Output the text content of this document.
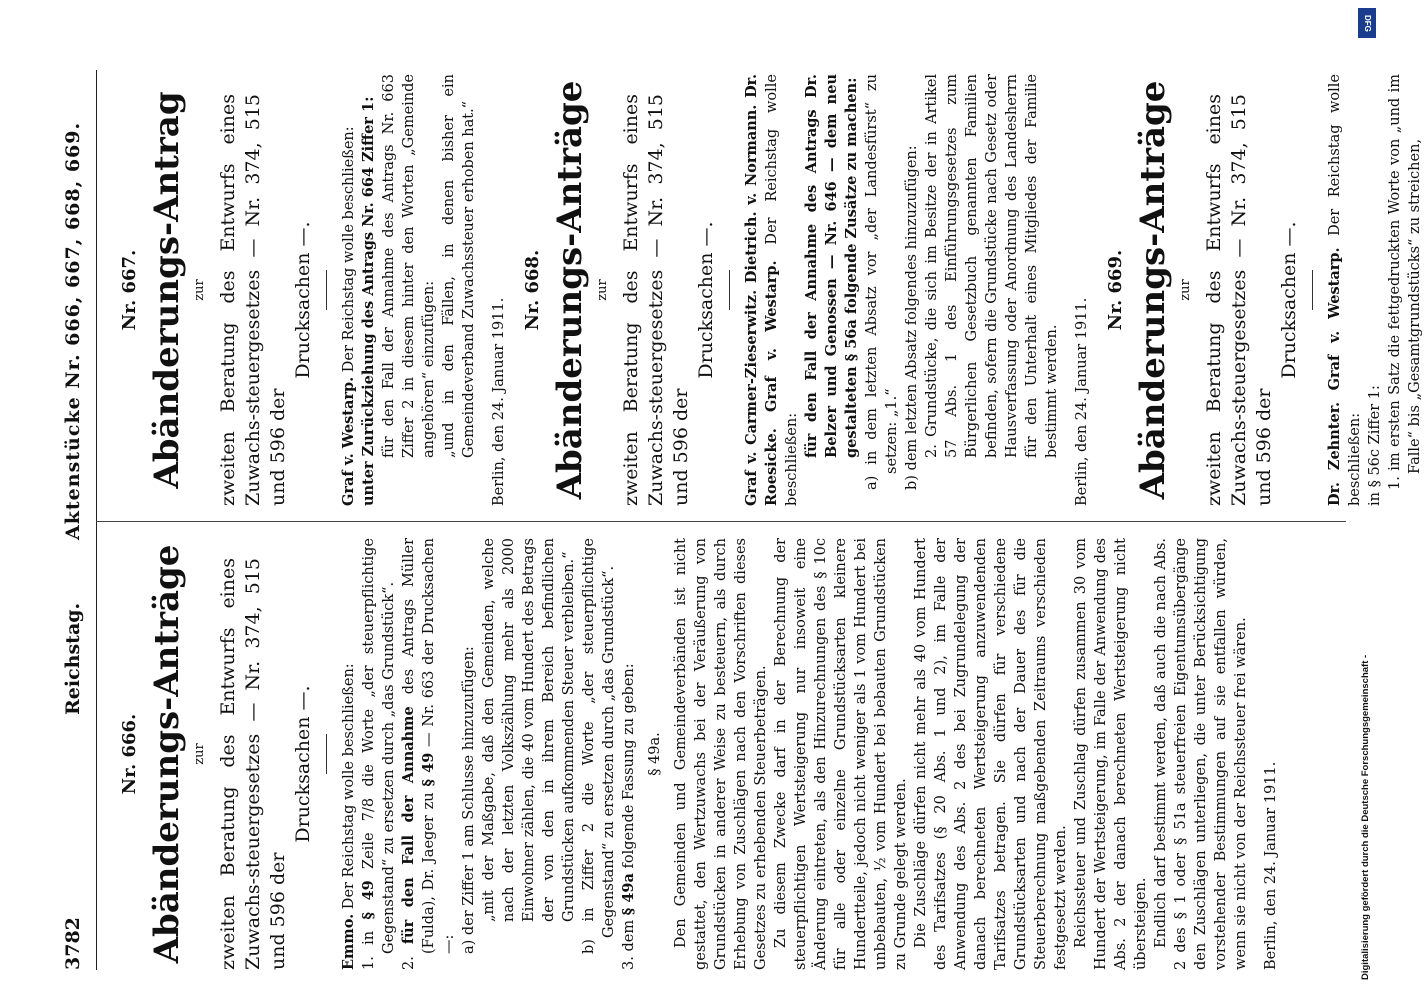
3782
Reichstag.
Aktenstücke Nr. 666, 667, 668, 669.
Nr. 666. Abänderungs-Anträge zur zweiten Beratung des Entwurfs eines Zuwachs-steuergesetzes — Nr. 374, 515 und 596 der
Drucksachen —.

Emmo. Der Reichstag wolle beschließen:

1. in § 49 Zeile 7/8 die Worte „der steuerpflichtige Gegenstand“ zu ersetzen durch „das Grundstück“.

2. für den Fall der Annahme des Antrags Müller (Fulda), Dr. Jaeger zu § 49 — Nr. 663 der Drucksachen —: a) der Ziffer 1 am Schlusse hinzuzufügen: „mit der Maßgabe, daß den Gemeinden, welche nach der letzten Volkszählung mehr als 2000 Einwohner zählen, die 40 vom Hundert des Betrags der von den in ihrem Bereich befindlichen Grundstücken aufkommenden Steuer verbleiben.“

b) in Ziffer 2 die Worte „der steuerpflichtige Gegenstand“ zu ersetzen durch „das Grundstück“.

3. dem § 49a folgende Fassung zu geben: § 49a. Den Gemeinden und Gemeindeverbänden ist nicht gestattet, den Wertzuwachs bei der Veräußerung von Grundstücken in anderer Weise zu besteuern, als durch Erhebung von Zuschlägen nach den Vorschriften dieses Gesetzes zu erhebenden Steuerbeträgen. Zu diesem Zwecke darf in der Berechnung der steuerpflichtigen Wertsteigerung nur insoweit eine Änderung eintreten, als den Hinzurechnungen des § 10c für alle oder einzelne Grundstücksarten kleinere Hundertteile, jedoch nicht weniger als 1 vom Hundert bei unbebauten, ½ vom Hundert bei bebauten Grundstücken zu Grunde gelegt werden. Die Zuschläge dürfen nicht mehr als 40 vom Hundert des Tarifsatzes (§ 20 Abs. 1 und 2), im Falle der Anwendung des Abs. 2 des bei Zugrundelegung der danach berechneten Wertsteigerung anzuwendenden Tarifsatzes betragen. Sie dürfen für verschiedene Grundstücksarten und nach der Dauer des für die Steuerberechnung maßgebenden Zeitraums verschieden festgesetzt werden. Reichssteuer und Zuschlag dürfen zusammen 30 vom Hundert der Wertsteigerung, im Falle der Anwendung des Abs. 2 der danach berechneten Wertsteigerung nicht übersteigen. Endlich darf bestimmt werden, daß auch die nach Abs. 2 des § 1 oder § 51a steuerfreien Eigentumsübergänge den Zuschlägen unterliegen, die unter Berücksichtigung vorstehender Bestimmungen auf sie entfallen würden, wenn sie nicht von der Reichssteuer frei wären. Berlin, den 24. Januar 1911.

Nr. 667. Abänderungs-Antrag zur zweiten Beratung des Entwurfs eines Zuwachs-steuergesetzes — Nr. 374, 515 und 596 der
Drucksachen —.

Graf v. Westarp. Der Reichstag wolle beschließen: unter Zurückziehung des Antrags Nr. 664 Ziffer 1: für den Fall der Annahme des Antrags Nr. 663 Ziffer 2 in diesem hinter den Worten „Gemeinde angehören“ einzufügen: „und in den Fällen, in denen bisher ein Gemeindeverband Zuwachssteuer erhoben hat.“ Berlin, den 24. Januar 1911.

Nr. 668. Abänderungs-Anträge zur zweiten Beratung des Entwurfs eines Zuwachs-steuergesetzes — Nr. 374, 515 und 596 der
Drucksachen —. Graf v. Carmer-Zieserwitz. Dietrich. v. Normann. Dr. Roesicke. Graf v. Westarp. Der Reichstag wolle beschließen:

für den Fall der Annahme des Antrags Dr. Belzer und Genossen — Nr. 646 — dem neu gestalteten § 56a folgende Zusätze zu machen: a) in dem letzten Absatz vor „der Landesfürst“ zu setzen: „1.“ b) dem letzten Absatz folgendes hinzuzufügen: 2. Grundstücke, die sich im Besitze der in Artikel 57 Abs. 1 des Einführungsgesetzes zum Bürgerlichen Gesetzbuch genannten Familien befinden, sofern die Grundstücke nach Gesetz oder Hausverfassung oder Anordnung des Landesherrn für den Unterhalt eines Mitgliedes der Familie bestimmt werden. Berlin, den 24. Januar 1911.

Nr. 669. Abänderungs-Anträge zur zweiten Beratung des Entwurfs eines Zuwachs-steuergesetzes — Nr. 374, 515 und 596 der
Drucksachen —.

Dr. Zehnter. Graf v. Westarp. Der Reichstag wolle beschließen: in § 56c Ziffer 1: 1. im ersten Satz die fettgedruckten Worte von „und im Falle“ bis „Gesamtgrundstücks“ zu streichen,

DFG
Digitalisierung gefördert durch die Deutsche Forschungsgemeinschaft -
